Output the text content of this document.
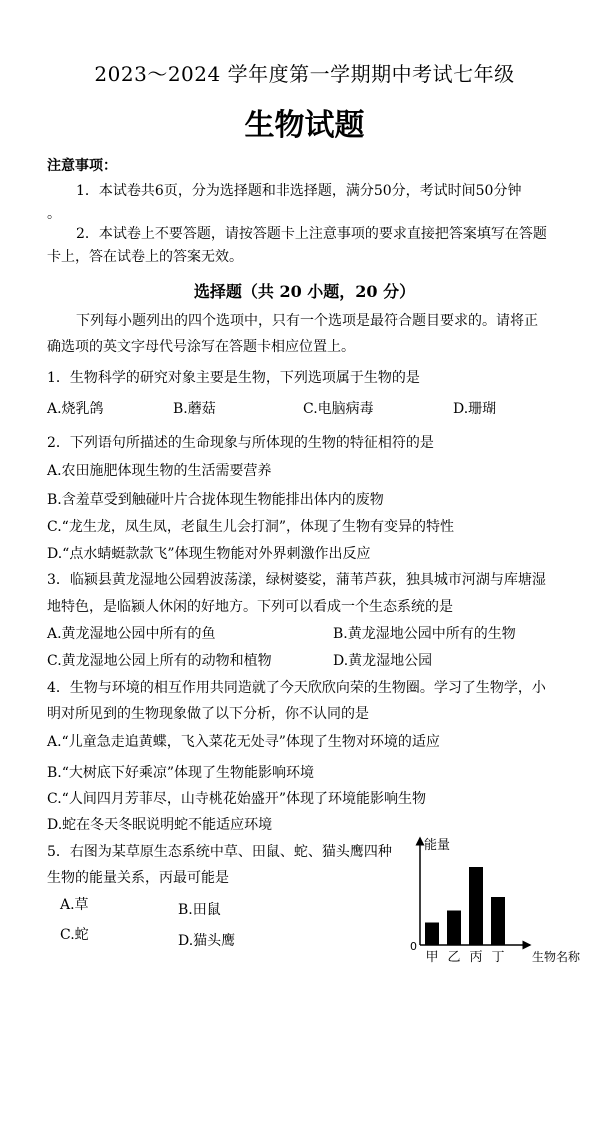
2023～2024 学年度第一学期期中考试七年级
生物试题
注意事项：
1．本试卷共6页，分为选择题和非选择题，满分50分，考试时间50分钟
。
2．本试卷上不要答题，请按答题卡上注意事项的要求直接把答案填写在答题
卡上，答在试卷上的答案无效。
选择题（共 20 小题，20 分）
下列每小题列出的四个选项中，只有一个选项是最符合题目要求的。请将正
确选项的英文字母代号涂写在答题卡相应位置上。
1．生物科学的研究对象主要是生物，下列选项属于生物的是
A.烧乳鸽	B.蘑菇	C.电脑病毒	D.珊瑚
2．下列语句所描述的生命现象与所体现的生物的特征相符的是
A.农田施肥体现生物的生活需要营养
B.含羞草受到触碰叶片合拢体现生物能排出体内的废物
C.“龙生龙，凤生凤，老鼠生儿会打洞”，体现了生物有变异的特性
D.“点水蜻蜓款款飞”体现生物能对外界刺激作出反应
3．临颍县黄龙湿地公园碧波荡漾，绿树婆娑，蒲苇芦荻，独具城市河湖与库塘湿
地特色，是临颍人休闲的好地方。下列可以看成一个生态系统的是
A.黄龙湿地公园中所有的鱼	B.黄龙湿地公园中所有的生物
C.黄龙湿地公园上所有的动物和植物	D.黄龙湿地公园
4．生物与环境的相互作用共同造就了今天欣欣向荣的生物圈。学习了生物学，小
明对所见到的生物现象做了以下分析，你不认同的是
A.“儿童急走追黄蝶，飞入菜花无处寻”体现了生物对环境的适应
B.“大树底下好乘凉”体现了生物能影响环境
C.“人间四月芳菲尽，山寺桃花始盛开”体现了环境能影响生物
D.蛇在冬天冬眠说明蛇不能适应环境
5．右图为某草原生态系统中草、田鼠、蛇、猫头鹰四种
生物的能量关系，丙最可能是
A.草	B.田鼠
C.蛇	D.猫头鹰
能量
0
生物名称
甲 乙 丙 丁
